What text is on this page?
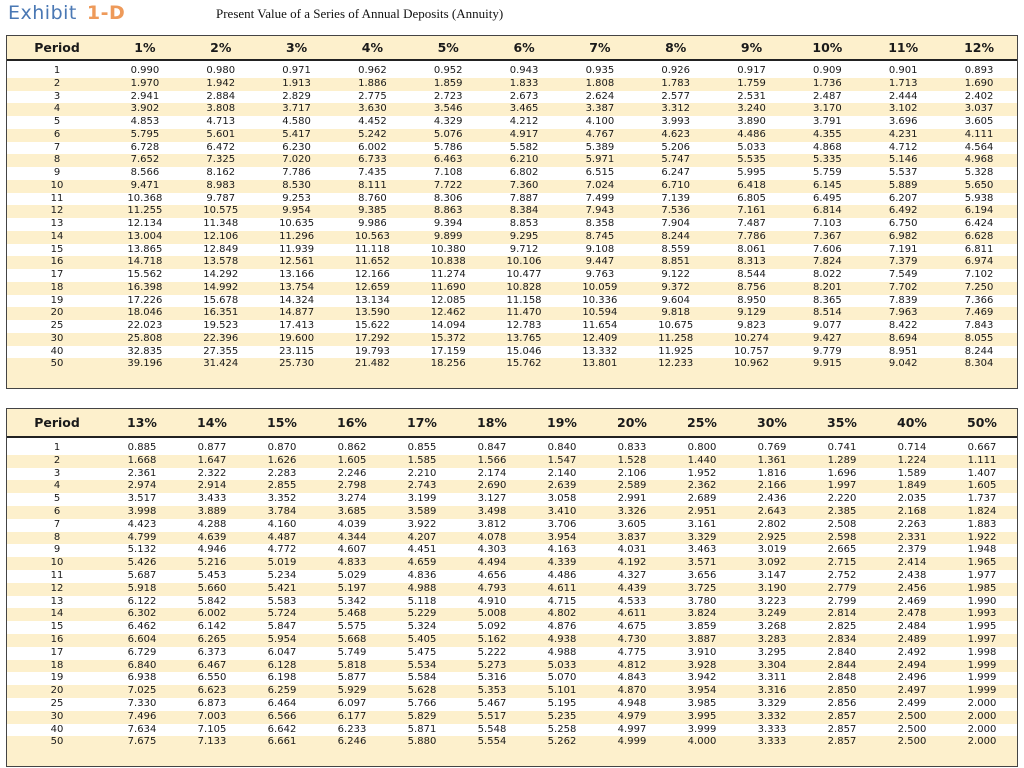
Exhibit 1-D	Present Value of a Series of Annual Deposits (Annuity)
Period	1%	2%	3%	4%	5%	6%	7%	8%	9%	10%	11%	12%
1	0.990	0.980	0.971	0.962	0.952	0.943	0.935	0.926	0.917	0.909	0.901	0.893
2	1.970	1.942	1.913	1.886	1.859	1.833	1.808	1.783	1.759	1.736	1.713	1.690
3	2.941	2.884	2.829	2.775	2.723	2.673	2.624	2.577	2.531	2.487	2.444	2.402
4	3.902	3.808	3.717	3.630	3.546	3.465	3.387	3.312	3.240	3.170	3.102	3.037
5	4.853	4.713	4.580	4.452	4.329	4.212	4.100	3.993	3.890	3.791	3.696	3.605
6	5.795	5.601	5.417	5.242	5.076	4.917	4.767	4.623	4.486	4.355	4.231	4.111
7	6.728	6.472	6.230	6.002	5.786	5.582	5.389	5.206	5.033	4.868	4.712	4.564
8	7.652	7.325	7.020	6.733	6.463	6.210	5.971	5.747	5.535	5.335	5.146	4.968
9	8.566	8.162	7.786	7.435	7.108	6.802	6.515	6.247	5.995	5.759	5.537	5.328
10	9.471	8.983	8.530	8.111	7.722	7.360	7.024	6.710	6.418	6.145	5.889	5.650
11	10.368	9.787	9.253	8.760	8.306	7.887	7.499	7.139	6.805	6.495	6.207	5.938
12	11.255	10.575	9.954	9.385	8.863	8.384	7.943	7.536	7.161	6.814	6.492	6.194
13	12.134	11.348	10.635	9.986	9.394	8.853	8.358	7.904	7.487	7.103	6.750	6.424
14	13.004	12.106	11.296	10.563	9.899	9.295	8.745	8.244	7.786	7.367	6.982	6.628
15	13.865	12.849	11.939	11.118	10.380	9.712	9.108	8.559	8.061	7.606	7.191	6.811
16	14.718	13.578	12.561	11.652	10.838	10.106	9.447	8.851	8.313	7.824	7.379	6.974
17	15.562	14.292	13.166	12.166	11.274	10.477	9.763	9.122	8.544	8.022	7.549	7.102
18	16.398	14.992	13.754	12.659	11.690	10.828	10.059	9.372	8.756	8.201	7.702	7.250
19	17.226	15.678	14.324	13.134	12.085	11.158	10.336	9.604	8.950	8.365	7.839	7.366
20	18.046	16.351	14.877	13.590	12.462	11.470	10.594	9.818	9.129	8.514	7.963	7.469
25	22.023	19.523	17.413	15.622	14.094	12.783	11.654	10.675	9.823	9.077	8.422	7.843
30	25.808	22.396	19.600	17.292	15.372	13.765	12.409	11.258	10.274	9.427	8.694	8.055
40	32.835	27.355	23.115	19.793	17.159	15.046	13.332	11.925	10.757	9.779	8.951	8.244
50	39.196	31.424	25.730	21.482	18.256	15.762	13.801	12.233	10.962	9.915	9.042	8.304
Period	13%	14%	15%	16%	17%	18%	19%	20%	25%	30%	35%	40%	50%
1	0.885	0.877	0.870	0.862	0.855	0.847	0.840	0.833	0.800	0.769	0.741	0.714	0.667
2	1.668	1.647	1.626	1.605	1.585	1.566	1.547	1.528	1.440	1.361	1.289	1.224	1.111
3	2.361	2.322	2.283	2.246	2.210	2.174	2.140	2.106	1.952	1.816	1.696	1.589	1.407
4	2.974	2.914	2.855	2.798	2.743	2.690	2.639	2.589	2.362	2.166	1.997	1.849	1.605
5	3.517	3.433	3.352	3.274	3.199	3.127	3.058	2.991	2.689	2.436	2.220	2.035	1.737
6	3.998	3.889	3.784	3.685	3.589	3.498	3.410	3.326	2.951	2.643	2.385	2.168	1.824
7	4.423	4.288	4.160	4.039	3.922	3.812	3.706	3.605	3.161	2.802	2.508	2.263	1.883
8	4.799	4.639	4.487	4.344	4.207	4.078	3.954	3.837	3.329	2.925	2.598	2.331	1.922
9	5.132	4.946	4.772	4.607	4.451	4.303	4.163	4.031	3.463	3.019	2.665	2.379	1.948
10	5.426	5.216	5.019	4.833	4.659	4.494	4.339	4.192	3.571	3.092	2.715	2.414	1.965
11	5.687	5.453	5.234	5.029	4.836	4.656	4.486	4.327	3.656	3.147	2.752	2.438	1.977
12	5.918	5.660	5.421	5.197	4.988	4.793	4.611	4.439	3.725	3.190	2.779	2.456	1.985
13	6.122	5.842	5.583	5.342	5.118	4.910	4.715	4.533	3.780	3.223	2.799	2.469	1.990
14	6.302	6.002	5.724	5.468	5.229	5.008	4.802	4.611	3.824	3.249	2.814	2.478	1.993
15	6.462	6.142	5.847	5.575	5.324	5.092	4.876	4.675	3.859	3.268	2.825	2.484	1.995
16	6.604	6.265	5.954	5.668	5.405	5.162	4.938	4.730	3.887	3.283	2.834	2.489	1.997
17	6.729	6.373	6.047	5.749	5.475	5.222	4.988	4.775	3.910	3.295	2.840	2.492	1.998
18	6.840	6.467	6.128	5.818	5.534	5.273	5.033	4.812	3.928	3.304	2.844	2.494	1.999
19	6.938	6.550	6.198	5.877	5.584	5.316	5.070	4.843	3.942	3.311	2.848	2.496	1.999
20	7.025	6.623	6.259	5.929	5.628	5.353	5.101	4.870	3.954	3.316	2.850	2.497	1.999
25	7.330	6.873	6.464	6.097	5.766	5.467	5.195	4.948	3.985	3.329	2.856	2.499	2.000
30	7.496	7.003	6.566	6.177	5.829	5.517	5.235	4.979	3.995	3.332	2.857	2.500	2.000
40	7.634	7.105	6.642	6.233	5.871	5.548	5.258	4.997	3.999	3.333	2.857	2.500	2.000
50	7.675	7.133	6.661	6.246	5.880	5.554	5.262	4.999	4.000	3.333	2.857	2.500	2.000
